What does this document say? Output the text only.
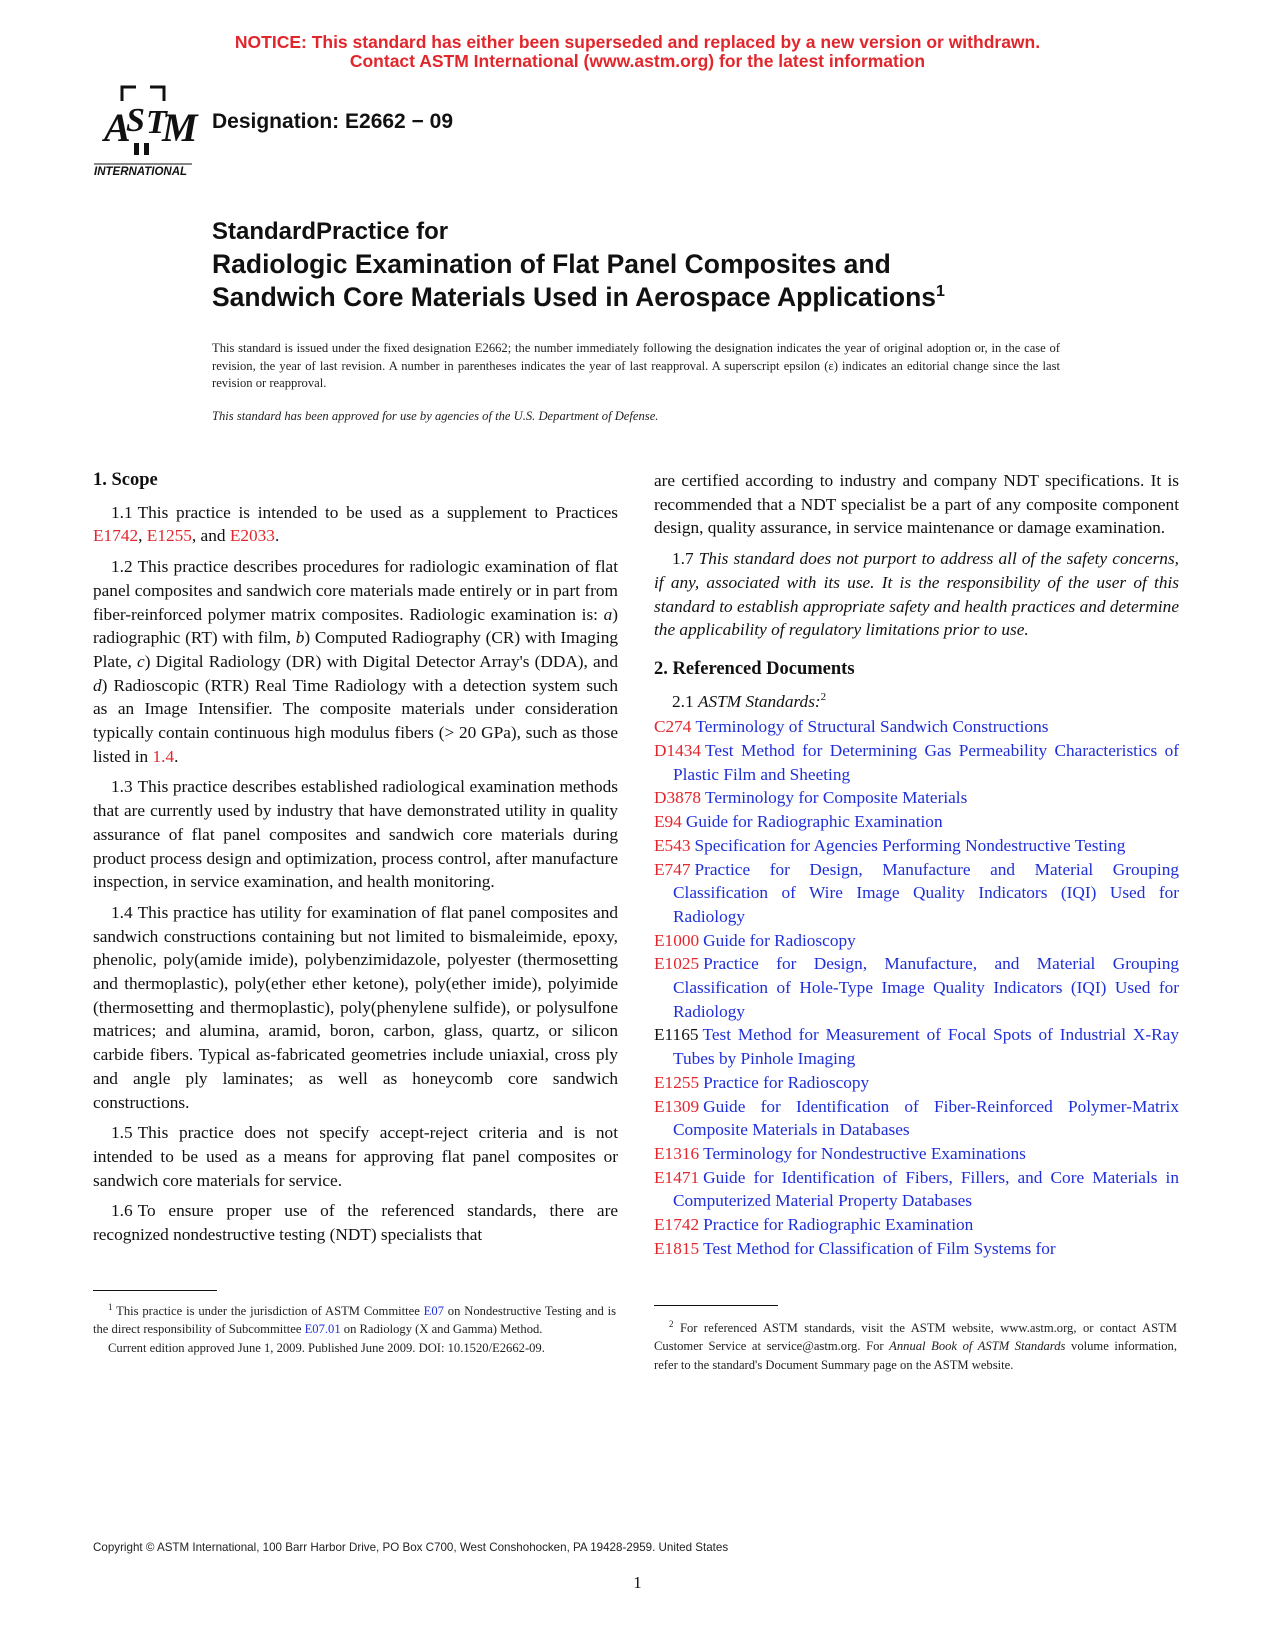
NOTICE: This standard has either been superseded and replaced by a new version or withdrawn.
Contact ASTM International (www.astm.org) for the latest information
A
S T
M
INTERNATIONAL
Designation: E2662 − 09
StandardPractice for
Radiologic Examination of Flat Panel Composites and
Sandwich Core Materials Used in Aerospace Applications$^1$
This standard is issued under the fixed designation E2662; the number immediately following the designation indicates the year of original adoption or, in the case of revision, the year of last revision. A number in parentheses indicates the year of last reapproval. A superscript epsilon (ε) indicates an editorial change since the last revision or reapproval.
This standard has been approved for use by agencies of the U.S. Department of Defense.
1. Scope

1.1 This practice is intended to be used as a supplement to Practices E1742, E1255, and E2033.

1.2 This practice describes procedures for radiologic examination of flat panel composites and sandwich core materials made entirely or in part from fiber-reinforced polymer matrix composites. Radiologic examination is: a) radiographic (RT) with film, b) Computed Radiography (CR) with Imaging Plate, c) Digital Radiology (DR) with Digital Detector Array's (DDA), and d) Radioscopic (RTR) Real Time Radiology with a detection system such as an Image Intensifier. The composite materials under consideration typically contain continuous high modulus fibers (> 20 GPa), such as those listed in 1.4.

1.3 This practice describes established radiological examination methods that are currently used by industry that have demonstrated utility in quality assurance of flat panel composites and sandwich core materials during product process design and optimization, process control, after manufacture inspection, in service examination, and health monitoring.

1.4 This practice has utility for examination of flat panel composites and sandwich constructions containing but not limited to bismaleimide, epoxy, phenolic, poly(amide imide), polybenzimidazole, polyester (thermosetting and thermoplastic), poly(ether ether ketone), poly(ether imide), polyimide (thermosetting and thermoplastic), poly(phenylene sulfide), or polysulfone matrices; and alumina, aramid, boron, carbon, glass, quartz, or silicon carbide fibers. Typical as-fabricated geometries include uniaxial, cross ply and angle ply laminates; as well as honeycomb core sandwich constructions.

1.5 This practice does not specify accept-reject criteria and is not intended to be used as a means for approving flat panel composites or sandwich core materials for service.

1.6 To ensure proper use of the referenced standards, there are recognized nondestructive testing (NDT) specialists that

are certified according to industry and company NDT specifications. It is recommended that a NDT specialist be a part of any composite component design, quality assurance, in service maintenance or damage examination.

1.7 This standard does not purport to address all of the safety concerns, if any, associated with its use. It is the responsibility of the user of this standard to establish appropriate safety and health practices and determine the applicability of regulatory limitations prior to use.

2. Referenced Documents

2.1 ASTM Standards:$^2$

C274 Terminology of Structural Sandwich Constructions

D1434 Test Method for Determining Gas Permeability Characteristics of Plastic Film and Sheeting

D3878 Terminology for Composite Materials

E94 Guide for Radiographic Examination

E543 Specification for Agencies Performing Nondestructive Testing

E747 Practice for Design, Manufacture and Material Grouping Classification of Wire Image Quality Indicators (IQI) Used for Radiology

E1000 Guide for Radioscopy

E1025 Practice for Design, Manufacture, and Material Grouping Classification of Hole-Type Image Quality Indicators (IQI) Used for Radiology

E1165 Test Method for Measurement of Focal Spots of Industrial X-Ray Tubes by Pinhole Imaging

E1255 Practice for Radioscopy

E1309 Guide for Identification of Fiber-Reinforced Polymer-Matrix Composite Materials in Databases

E1316 Terminology for Nondestructive Examinations

E1471 Guide for Identification of Fibers, Fillers, and Core Materials in Computerized Material Property Databases

E1742 Practice for Radiographic Examination

E1815 Test Method for Classification of Film Systems for

$^1$ This practice is under the jurisdiction of ASTM Committee E07 on Nondestructive Testing and is the direct responsibility of Subcommittee E07.01 on Radiology (X and Gamma) Method.

Current edition approved June 1, 2009. Published June 2009. DOI: 10.1520/E2662-09.

$^2$ For referenced ASTM standards, visit the ASTM website, www.astm.org, or contact ASTM Customer Service at service@astm.org. For Annual Book of ASTM Standards volume information, refer to the standard's Document Summary page on the ASTM website.

Copyright © ASTM International, 100 Barr Harbor Drive, PO Box C700, West Conshohocken, PA 19428-2959. United States
1
